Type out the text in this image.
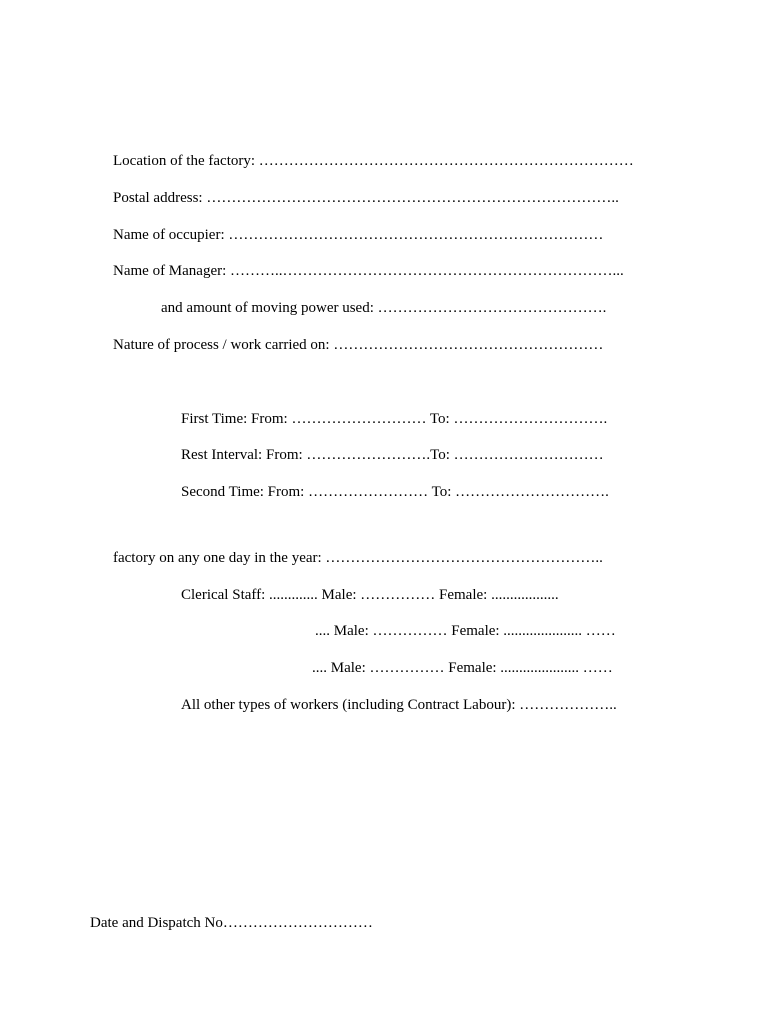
Location of the factory: …………………………………………………………………
Postal address: ………………………………………………………………………..
Name of occupier: …………………………………………………………………
Name of Manager: ………..…………………………………………………………...
and amount of moving power used: ……………………………………….
Nature of process / work carried on: ………………………………………………
First Time: From: ……………………… To: ………………………….
Rest Interval: From: …………………….To: …………………………
Second Time: From: …………………… To: ………………………….
factory on any one day in the year: ………………………………………………..
Clerical Staff: ............. Male: …………… Female: ..................
.... Male: …………… Female: ..................... ……
.... Male: …………… Female: ..................... ……
All other types of workers (including Contract Labour): ………………..
Date and Dispatch No…………………………
